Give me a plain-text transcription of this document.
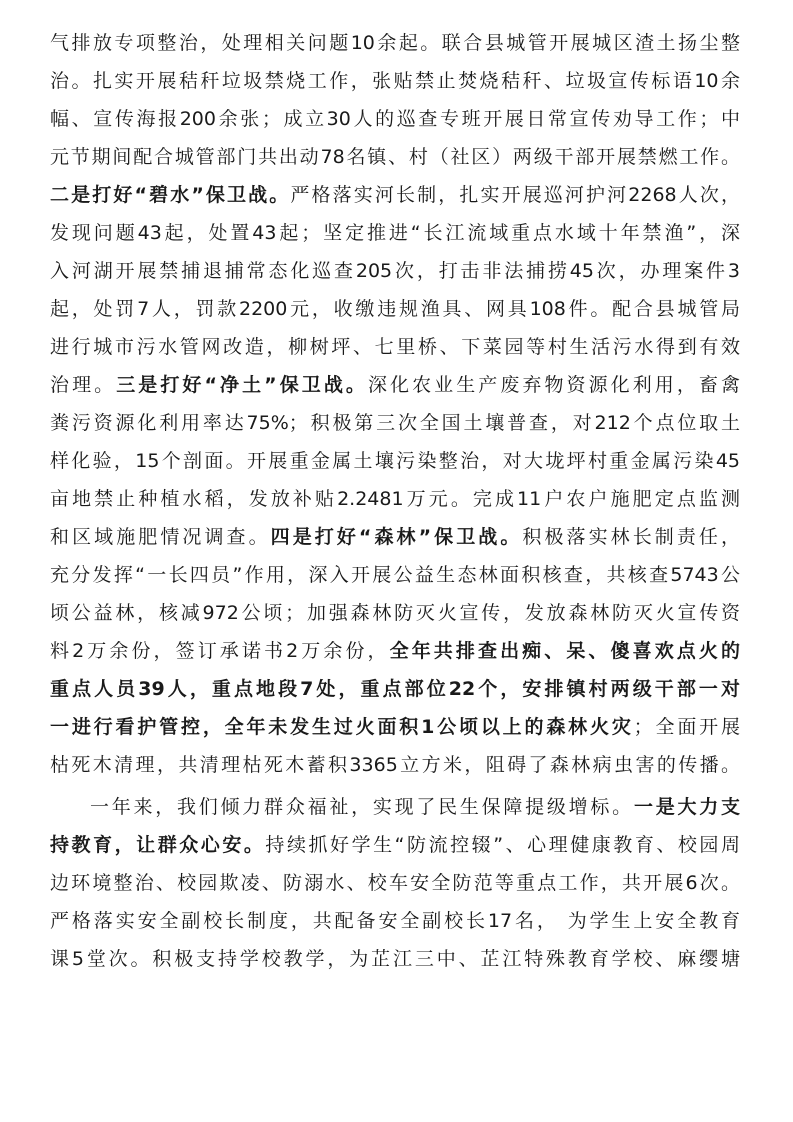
气排放专项整治，处理相关问题10余起。联合县城管开展城区渣土扬尘整
治。扎实开展秸秆垃圾禁烧工作，张贴禁止焚烧秸秆、垃圾宣传标语10余
幅、宣传海报200余张；成立30人的巡查专班开展日常宣传劝导工作；中
元节期间配合城管部门共出动78名镇、村（社区）两级干部开展禁燃工作。
二是打好“碧水”保卫战。严格落实河长制，扎实开展巡河护河2268人次，
发现问题43起，处置43起；坚定推进“长江流域重点水域十年禁渔”，深
入河湖开展禁捕退捕常态化巡查205次，打击非法捕捞45次，办理案件3
起，处罚7人，罚款2200元，收缴违规渔具、网具108件。配合县城管局
进行城市污水管网改造，柳树坪、七里桥、下菜园等村生活污水得到有效
治理。三是打好“净土”保卫战。深化农业生产废弃物资源化利用，畜禽
粪污资源化利用率达75%；积极第三次全国土壤普查，对212个点位取土
样化验，15个剖面。开展重金属土壤污染整治，对大垅坪村重金属污染45
亩地禁止种植水稻，发放补贴2.2481万元。完成11户农户施肥定点监测
和区域施肥情况调查。四是打好“森林”保卫战。积极落实林长制责任，
充分发挥“一长四员”作用，深入开展公益生态林面积核查，共核查5743公
顷公益林，核减972公顷；加强森林防灭火宣传，发放森林防灭火宣传资
料2万余份，签订承诺书2万余份，全年共排查出痴、呆、傻喜欢点火的
重点人员39人，重点地段7处，重点部位22个，安排镇村两级干部一对
一进行看护管控，全年未发生过火面积1公顷以上的森林火灾；全面开展
枯死木清理，共清理枯死木蓄积3365立方米，阻碍了森林病虫害的传播。
一年来，我们倾力群众福祉，实现了民生保障提级增标。一是大力支
持教育，让群众心安。持续抓好学生“防流控辍”、心理健康教育、校园周
边环境整治、校园欺凌、防溺水、校车安全防范等重点工作，共开展6次。
严格落实安全副校长制度，共配备安全副校长17名， 为学生上安全教育
课5堂次。积极支持学校教学，为芷江三中、芷江特殊教育学校、麻缨塘
